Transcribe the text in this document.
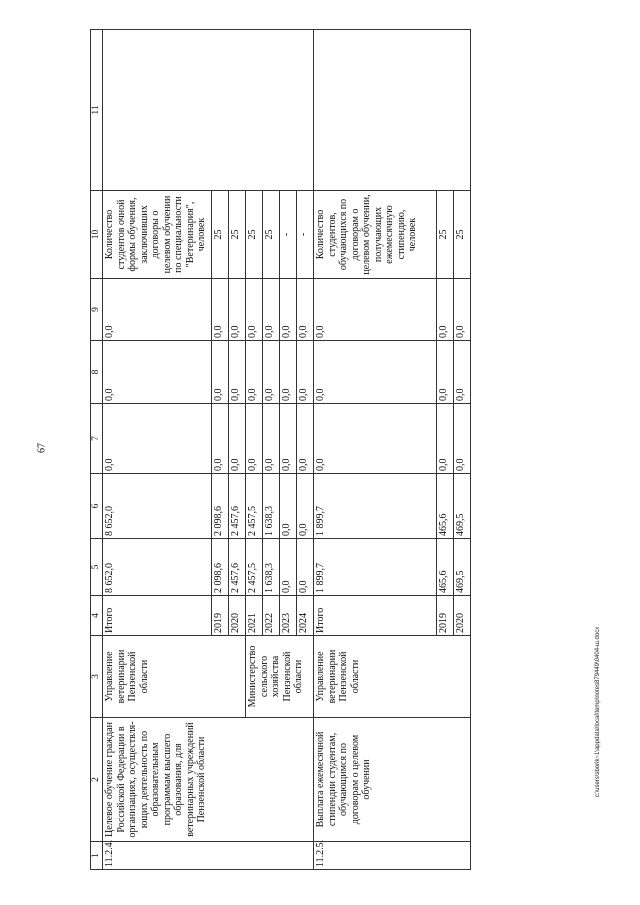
67
c:\users\sborik~1\appdata\local\temp\notes879449\0404-ш.docx
1	2	3	4	5	6	7	8	9	10	11
11.2.4.	Целевое обучение граждан Российской Федерации в организациях, осуществля-ющих деятельность по образовательным программам высшего образования, для ветеринарных учреждений Пензенской области	Управление ветеринарии Пензенской области	Итого	8 652,0	8 652,0	0,0	0,0	0,0	Количество студентов очной формы обучения, заключивших договоры о целевом обучении по специальности "Ветеринария", человек	
			2019	2 098,6	2 098,6	0,0	0,0	0,0	25	
			2020	2 457,6	2 457,6	0,0	0,0	0,0	25	
		Министерство сельского хозяйства Пензенской области	2021	2 457,5	2 457,5	0,0	0,0	0,0	25	
			2022	1 638,3	1 638,3	0,0	0,0	0,0	25	
			2023	0,0	0,0	0,0	0,0	0,0	-	
			2024	0,0	0,0	0,0	0,0	0,0	-	
11.2.5.	Выплата ежемесячной стипендии студентам, обучающимся по договорам о целевом обучении	Управление ветеринарии Пензенской области	Итого	1 899,7	1 899,7	0,0	0,0	0,0	Количество студентов, обучающихся по договорам о целевом обучении, получающих ежемесячную стипендию, человек	
			2019	465,6	465,6	0,0	0,0	0,0	25	
			2020	469,5	469,5	0,0	0,0	0,0	25	
